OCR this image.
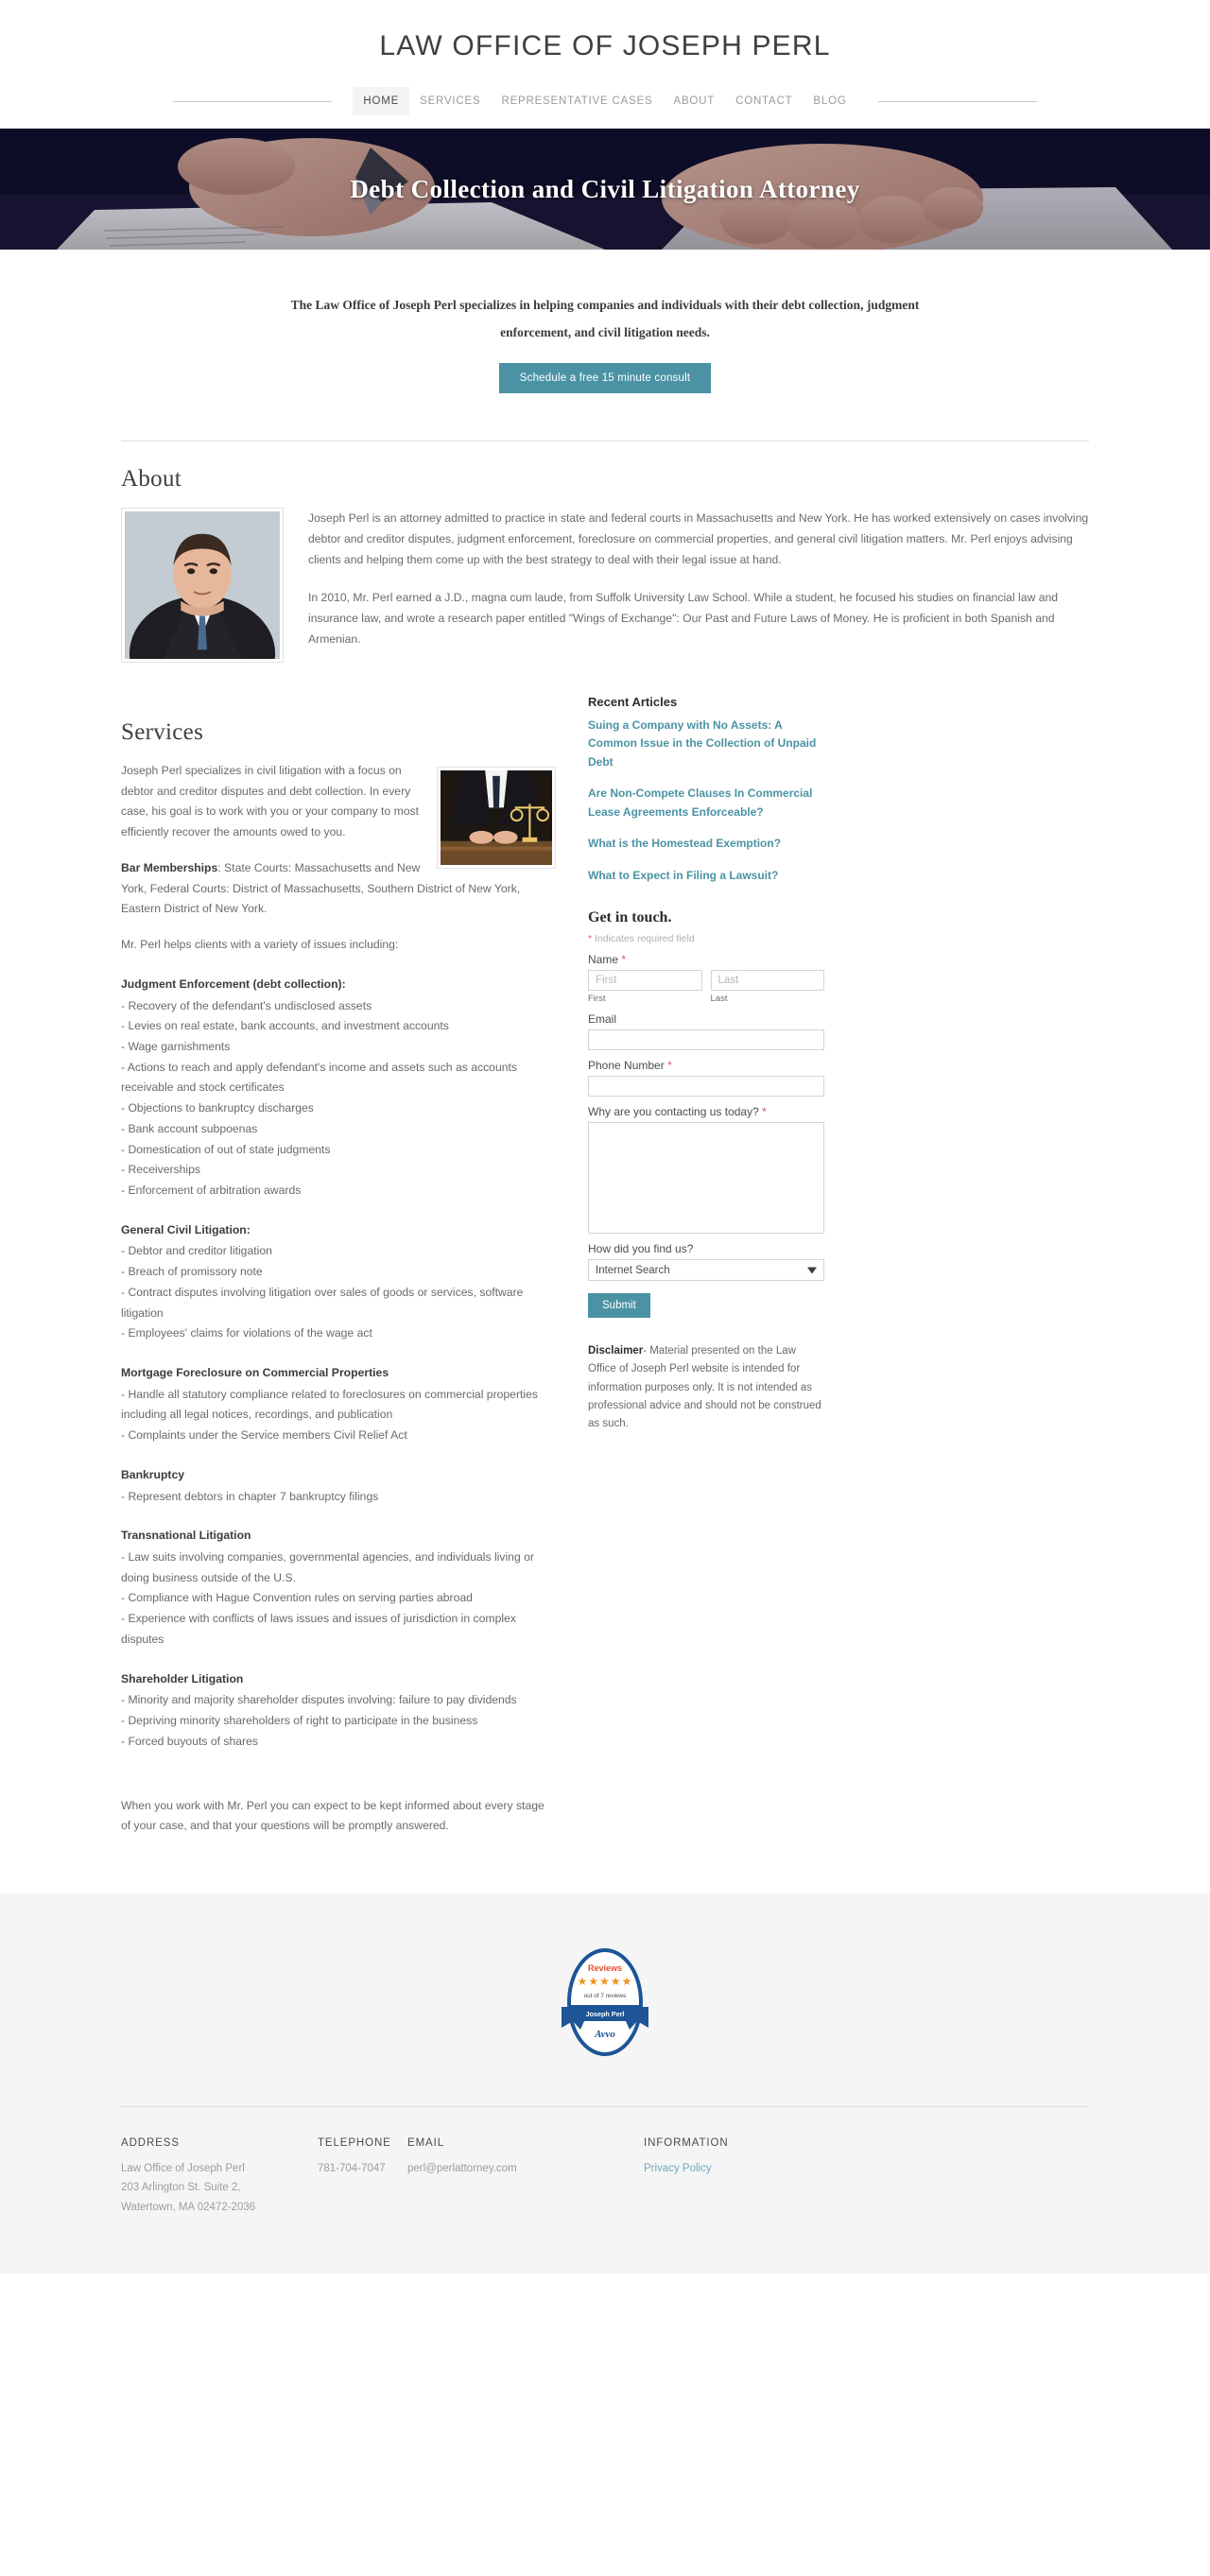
LAW OFFICE OF JOSEPH PERL
HOME	SERVICES	REPRESENTATIVE CASES	ABOUT	CONTACT	BLOG
Debt Collection and Civil Litigation Attorney

The Law Office of Joseph Perl specializes in helping companies and individuals with their debt collection, judgment enforcement, and civil litigation needs.

Schedule a free 15 minute consult
About

Joseph Perl is an attorney admitted to practice in state and federal courts in Massachusetts and New York. He has worked extensively on cases involving debtor and creditor disputes, judgment enforcement, foreclosure on commercial properties, and general civil litigation matters. Mr. Perl enjoys advising clients and helping them come up with the best strategy to deal with their legal issue at hand.

In 2010, Mr. Perl earned a J.D., magna cum laude, from Suffolk University Law School. While a student, he focused his studies on financial law and insurance law, and wrote a research paper entitled "Wings of Exchange": Our Past and Future Laws of Money. He is proficient in both Spanish and Armenian.

Services

Joseph Perl specializes in civil litigation with a focus on debtor and creditor disputes and debt collection. In every case, his goal is to work with you or your company to most efficiently recover the amounts owed to you.

Bar Memberships: State Courts: Massachusetts and New York, Federal Courts: District of Massachusetts, Southern District of New York, Eastern District of New York.

Mr. Perl helps clients with a variety of issues including:

Judgment Enforcement (debt collection):
- Recovery of the defendant's undisclosed assets
- Levies on real estate, bank accounts, and investment accounts
- Wage garnishments
- Actions to reach and apply defendant's income and assets such as accounts receivable and stock certificates
- Objections to bankruptcy discharges
- Bank account subpoenas
- Domestication of out of state judgments
- Receiverships
- Enforcement of arbitration awards
General Civil Litigation:
- Debtor and creditor litigation
- Breach of promissory note
- Contract disputes involving litigation over sales of goods or services, software litigation
- Employees' claims for violations of the wage act
Mortgage Foreclosure on Commercial Properties
- Handle all statutory compliance related to foreclosures on commercial properties including all legal notices, recordings, and publication
- Complaints under the Service members Civil Relief Act
Bankruptcy
- Represent debtors in chapter 7 bankruptcy filings
Transnational Litigation
- Law suits involving companies, governmental agencies, and individuals living or doing business outside of the U.S.
- Compliance with Hague Convention rules on serving parties abroad
- Experience with conflicts of laws issues and issues of jurisdiction in complex disputes
Shareholder Litigation
- Minority and majority shareholder disputes involving: failure to pay dividends
- Depriving minority shareholders of right to participate in the business
- Forced buyouts of shares

When you work with Mr. Perl you can expect to be kept informed about every stage of your case, and that your questions will be promptly answered.

Recent Articles
Suing a Company with No Assets: A Common Issue in the Collection of Unpaid Debt
Are Non-Compete Clauses In Commercial Lease Agreements Enforceable?
What is the Homestead Exemption?
What to Expect in Filing a Lawsuit?
Get in touch.
* Indicates required field
Name *
First
First
Last	Last
Email
Phone Number *
Why are you contacting us today? *
How did you find us?
Internet Search
Submit

Disclaimer- Material presented on the Law Office of Joseph Perl website is intended for information purposes only. It is not intended as professional advice and should not be construed as such.

Reviews
★★★★★
out of 7 reviews
Joseph Perl
Avvo
ADDRESS
Law Office of Joseph Perl
203 Arlington St. Suite 2,
Watertown, MA 02472-2036
TELEPHONE
781-704-7047
EMAIL
perl@perlattorney.com
INFORMATION
Privacy Policy
